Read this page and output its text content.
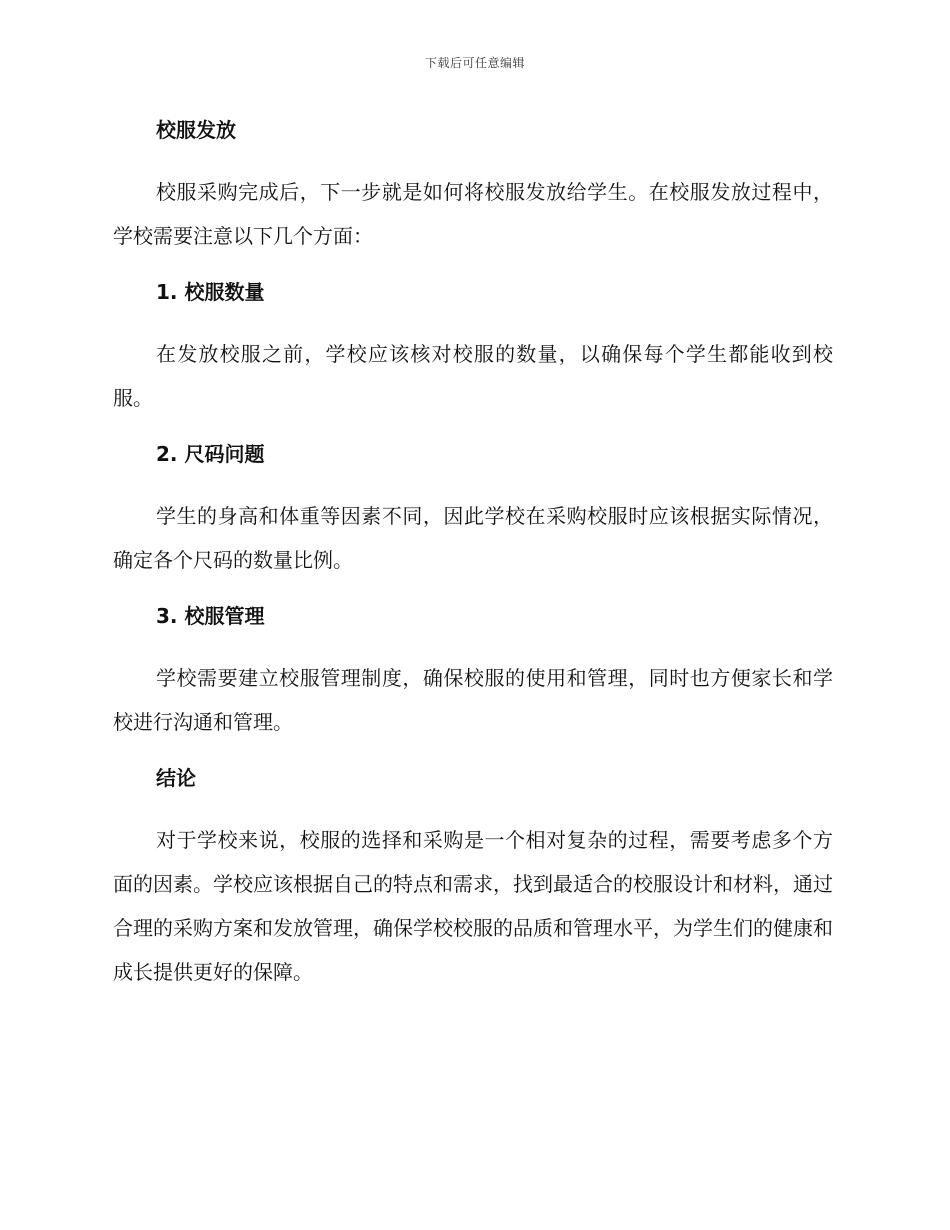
下载后可任意编辑
校服发放

校服采购完成后，下一步就是如何将校服发放给学生。在校服发放过程中，学校需要注意以下几个方面：

1. 校服数量

在发放校服之前，学校应该核对校服的数量，以确保每个学生都能收到校服。

2. 尺码问题

学生的身高和体重等因素不同，因此学校在采购校服时应该根据实际情况，确定各个尺码的数量比例。

3. 校服管理

学校需要建立校服管理制度，确保校服的使用和管理，同时也方便家长和学校进行沟通和管理。

结论

对于学校来说，校服的选择和采购是一个相对复杂的过程，需要考虑多个方面的因素。学校应该根据自己的特点和需求，找到最适合的校服设计和材料，通过合理的采购方案和发放管理，确保学校校服的品质和管理水平，为学生们的健康和成长提供更好的保障。
